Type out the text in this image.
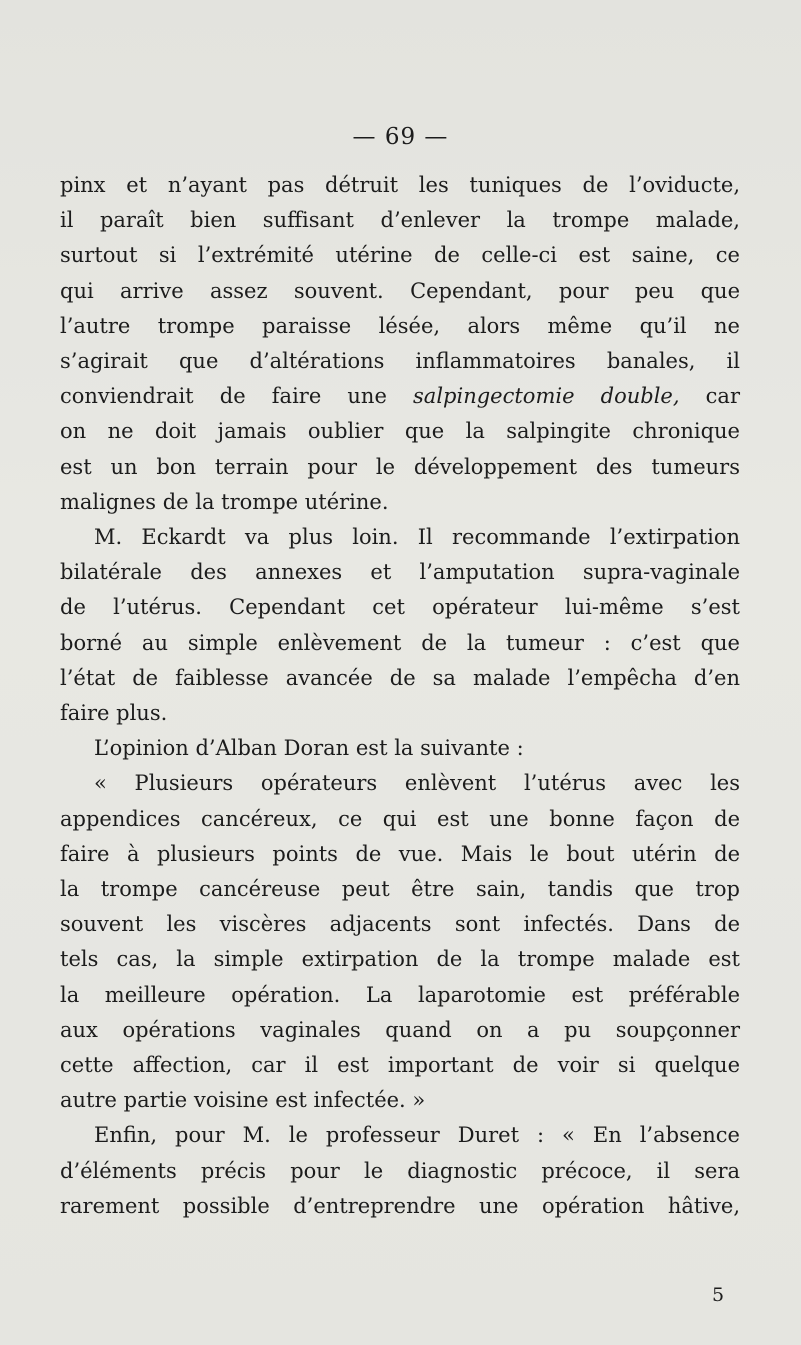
— 69 —
pinx et n’ayant pas détruit les tuniques de l’oviducte,
il paraît bien suffisant d’enlever la trompe malade,
surtout si l’extrémité utérine de celle-ci est saine, ce
qui arrive assez souvent. Cependant, pour peu que
l’autre trompe paraisse lésée, alors même qu’il ne
s’agirait que d’altérations inflammatoires banales, il
conviendrait de faire une salpingectomie double, car
on ne doit jamais oublier que la salpingite chronique
est un bon terrain pour le développement des tumeurs
malignes de la trompe utérine.
M. Eckardt va plus loin. Il recommande l’extirpation
bilatérale des annexes et l’amputation supra-vaginale
de l’utérus. Cependant cet opérateur lui-même s’est
borné au simple enlèvement de la tumeur : c’est que
l’état de faiblesse avancée de sa malade l’empêcha d’en
faire plus.
L’opinion d’Alban Doran est la suivante :
« Plusieurs opérateurs enlèvent l’utérus avec les
appendices cancéreux, ce qui est une bonne façon de
faire à plusieurs points de vue. Mais le bout utérin de
la trompe cancéreuse peut être sain, tandis que trop
souvent les viscères adjacents sont infectés. Dans de
tels cas, la simple extirpation de la trompe malade est
la meilleure opération. La laparotomie est préférable
aux opérations vaginales quand on a pu soupçonner
cette affection, car il est important de voir si quelque
autre partie voisine est infectée. »
Enfin, pour M. le professeur Duret : « En l’absence
d’éléments précis pour le diagnostic précoce, il sera
rarement possible d’entreprendre une opération hâtive,
5
